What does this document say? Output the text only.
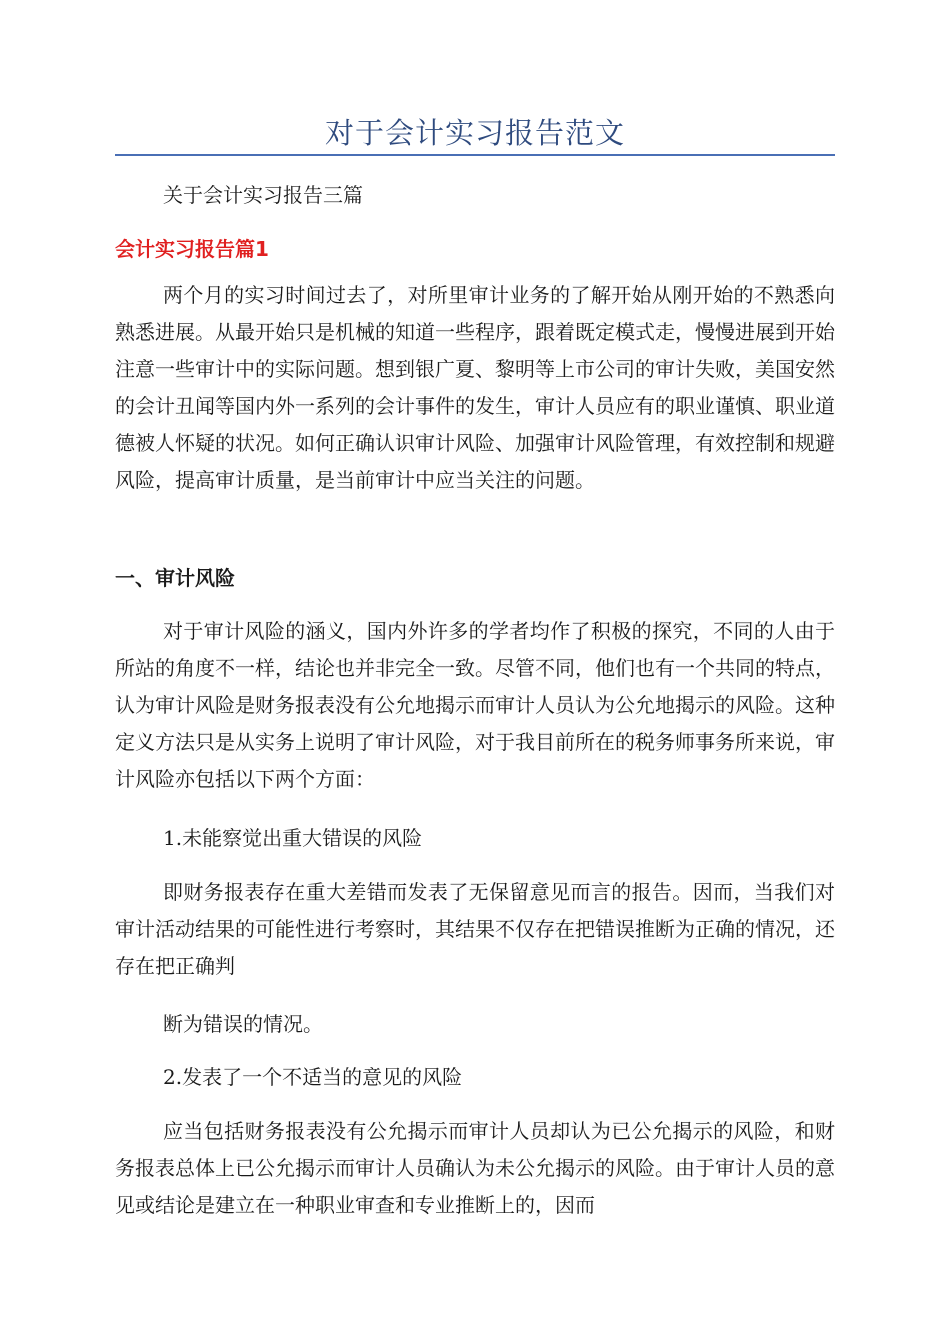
对于会计实习报告范文

关于会计实习报告三篇

会计实习报告篇1

两个月的实习时间过去了，对所里审计业务的了解开始从刚开始的不熟悉向熟悉进展。从最开始只是机械的知道一些程序，跟着既定模式走，慢慢进展到开始注意一些审计中的实际问题。想到银广夏、黎明等上市公司的审计失败，美国安然的会计丑闻等国内外一系列的会计事件的发生，审计人员应有的职业谨慎、职业道德被人怀疑的状况。如何正确认识审计风险、加强审计风险管理，有效控制和规避风险，提高审计质量，是当前审计中应当关注的问题。

一、审计风险

对于审计风险的涵义，国内外许多的学者均作了积极的探究，不同的人由于所站的角度不一样，结论也并非完全一致。尽管不同，他们也有一个共同的特点，认为审计风险是财务报表没有公允地揭示而审计人员认为公允地揭示的风险。这种定义方法只是从实务上说明了审计风险，对于我目前所在的税务师事务所来说，审计风险亦包括以下两个方面：

1.未能察觉出重大错误的风险

即财务报表存在重大差错而发表了无保留意见而言的报告。因而，当我们对审计活动结果的可能性进行考察时，其结果不仅存在把错误推断为正确的情况，还存在把正确判

断为错误的情况。

2.发表了一个不适当的意见的风险

应当包括财务报表没有公允揭示而审计人员却认为已公允揭示的风险，和财务报表总体上已公允揭示而审计人员确认为未公允揭示的风险。由于审计人员的意见或结论是建立在一种职业审查和专业推断上的，因而
